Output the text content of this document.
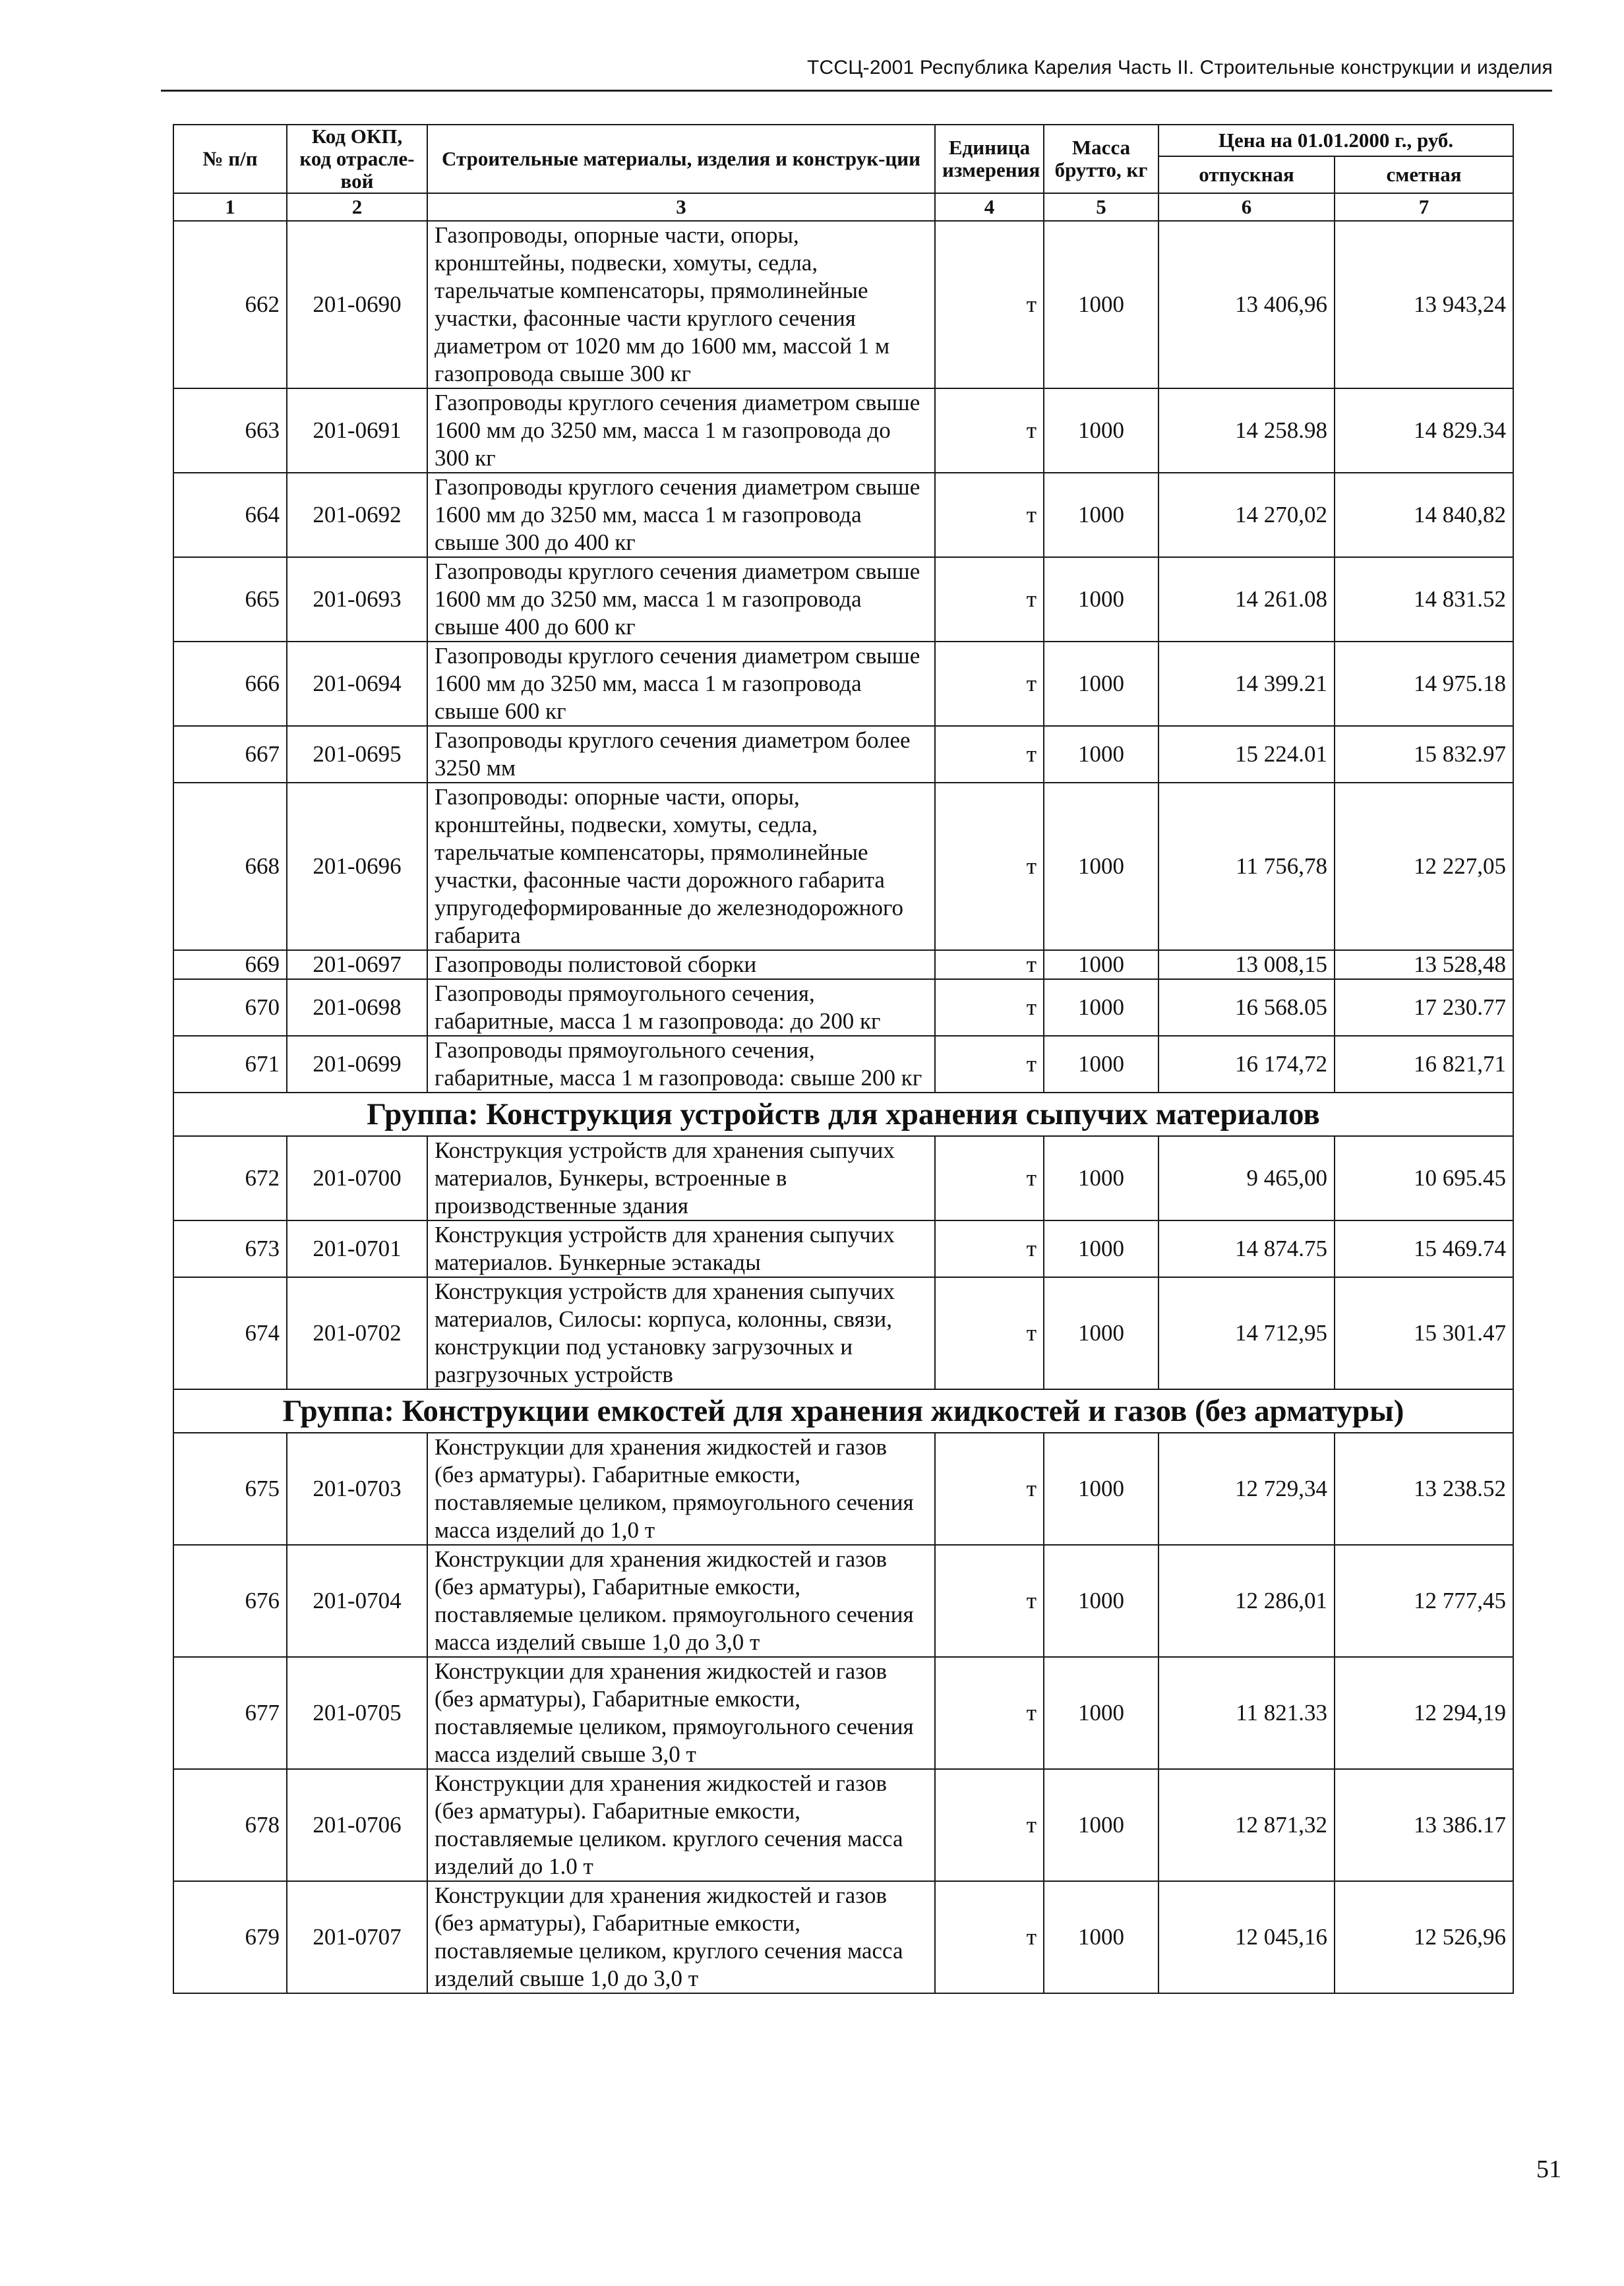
ТССЦ-2001 Республика Карелия Часть II. Строительные конструкции и изделия
№ п/п	Код ОКП, код отрасле-вой	Строительные материалы, изделия и конструк-ции	Единица измерения	Масса брутто, кг	Цена на 01.01.2000 г., руб.	
					отпускная	сметная
1	2	3	4	5	6	7
662	201-0690	Газопроводы, опорные части, опоры, кронштейны, подвески, хомуты, седла, тарельчатые компенсаторы, прямолинейные участки, фасонные части круглого сечения диаметром от 1020 мм до 1600 мм, массой 1 м газопровода свыше 300 кг	т	1000	13 406,96	13 943,24
663	201-0691	Газопроводы круглого сечения диаметром свыше 1600 мм до 3250 мм, масса 1 м газопровода до 300 кг	т	1000	14 258.98	14 829.34
664	201-0692	Газопроводы круглого сечения диаметром свыше 1600 мм до 3250 мм, масса 1 м газопровода свыше 300 до 400 кг	т	1000	14 270,02	14 840,82
665	201-0693	Газопроводы круглого сечения диаметром свыше 1600 мм до 3250 мм, масса 1 м газопровода свыше 400 до 600 кг	т	1000	14 261.08	14 831.52
666	201-0694	Газопроводы круглого сечения диаметром свыше 1600 мм до 3250 мм, масса 1 м газопровода свыше 600 кг	т	1000	14 399.21	14 975.18
667	201-0695	Газопроводы круглого сечения диаметром более 3250 мм	т	1000	15 224.01	15 832.97
668	201-0696	Газопроводы: опорные части, опоры, кронштейны, подвески, хомуты, седла, тарельчатые компенсаторы, прямолинейные участки, фасонные части дорожного габарита упругодеформированные до железнодорожного габарита	т	1000	11 756,78	12 227,05
669	201-0697	Газопроводы полистовой сборки	т	1000	13 008,15	13 528,48
670	201-0698	Газопроводы прямоугольного сечения, габаритные, масса 1 м газопровода: до 200 кг	т	1000	16 568.05	17 230.77
671	201-0699	Газопроводы прямоугольного сечения, габаритные, масса 1 м газопровода: свыше 200 кг	т	1000	16 174,72	16 821,71
Группа: Конструкция устройств для хранения сыпучих материалов						
672	201-0700	Конструкция устройств для хранения сыпучих материалов, Бункеры, встроенные в производственные здания	т	1000	9 465,00	10 695.45
673	201-0701	Конструкция устройств для хранения сыпучих материалов. Бункерные эстакады	т	1000	14 874.75	15 469.74
674	201-0702	Конструкция устройств для хранения сыпучих материалов, Силосы: корпуса, колонны, связи, конструкции под установку загрузочных и разгрузочных устройств	т	1000	14 712,95	15 301.47
Группа: Конструкции емкостей для хранения жидкостей и газов (без арматуры)						
675	201-0703	Конструкции для хранения жидкостей и газов (без арматуры). Габаритные емкости, поставляемые целиком, прямоугольного сечения масса изделий до 1,0 т	т	1000	12 729,34	13 238.52
676	201-0704	Конструкции для хранения жидкостей и газов (без арматуры), Габаритные емкости, поставляемые целиком. прямоугольного сечения масса изделий свыше 1,0 до 3,0 т	т	1000	12 286,01	12 777,45
677	201-0705	Конструкции для хранения жидкостей и газов (без арматуры), Габаритные емкости, поставляемые целиком, прямоугольного сечения масса изделий свыше 3,0 т	т	1000	11 821.33	12 294,19
678	201-0706	Конструкции для хранения жидкостей и газов (без арматуры). Габаритные емкости, поставляемые целиком. круглого сечения масса изделий до 1.0 т	т	1000	12 871,32	13 386.17
679	201-0707	Конструкции для хранения жидкостей и газов (без арматуры), Габаритные емкости, поставляемые целиком, круглого сечения масса изделий свыше 1,0 до 3,0 т	т	1000	12 045,16	12 526,96
51
